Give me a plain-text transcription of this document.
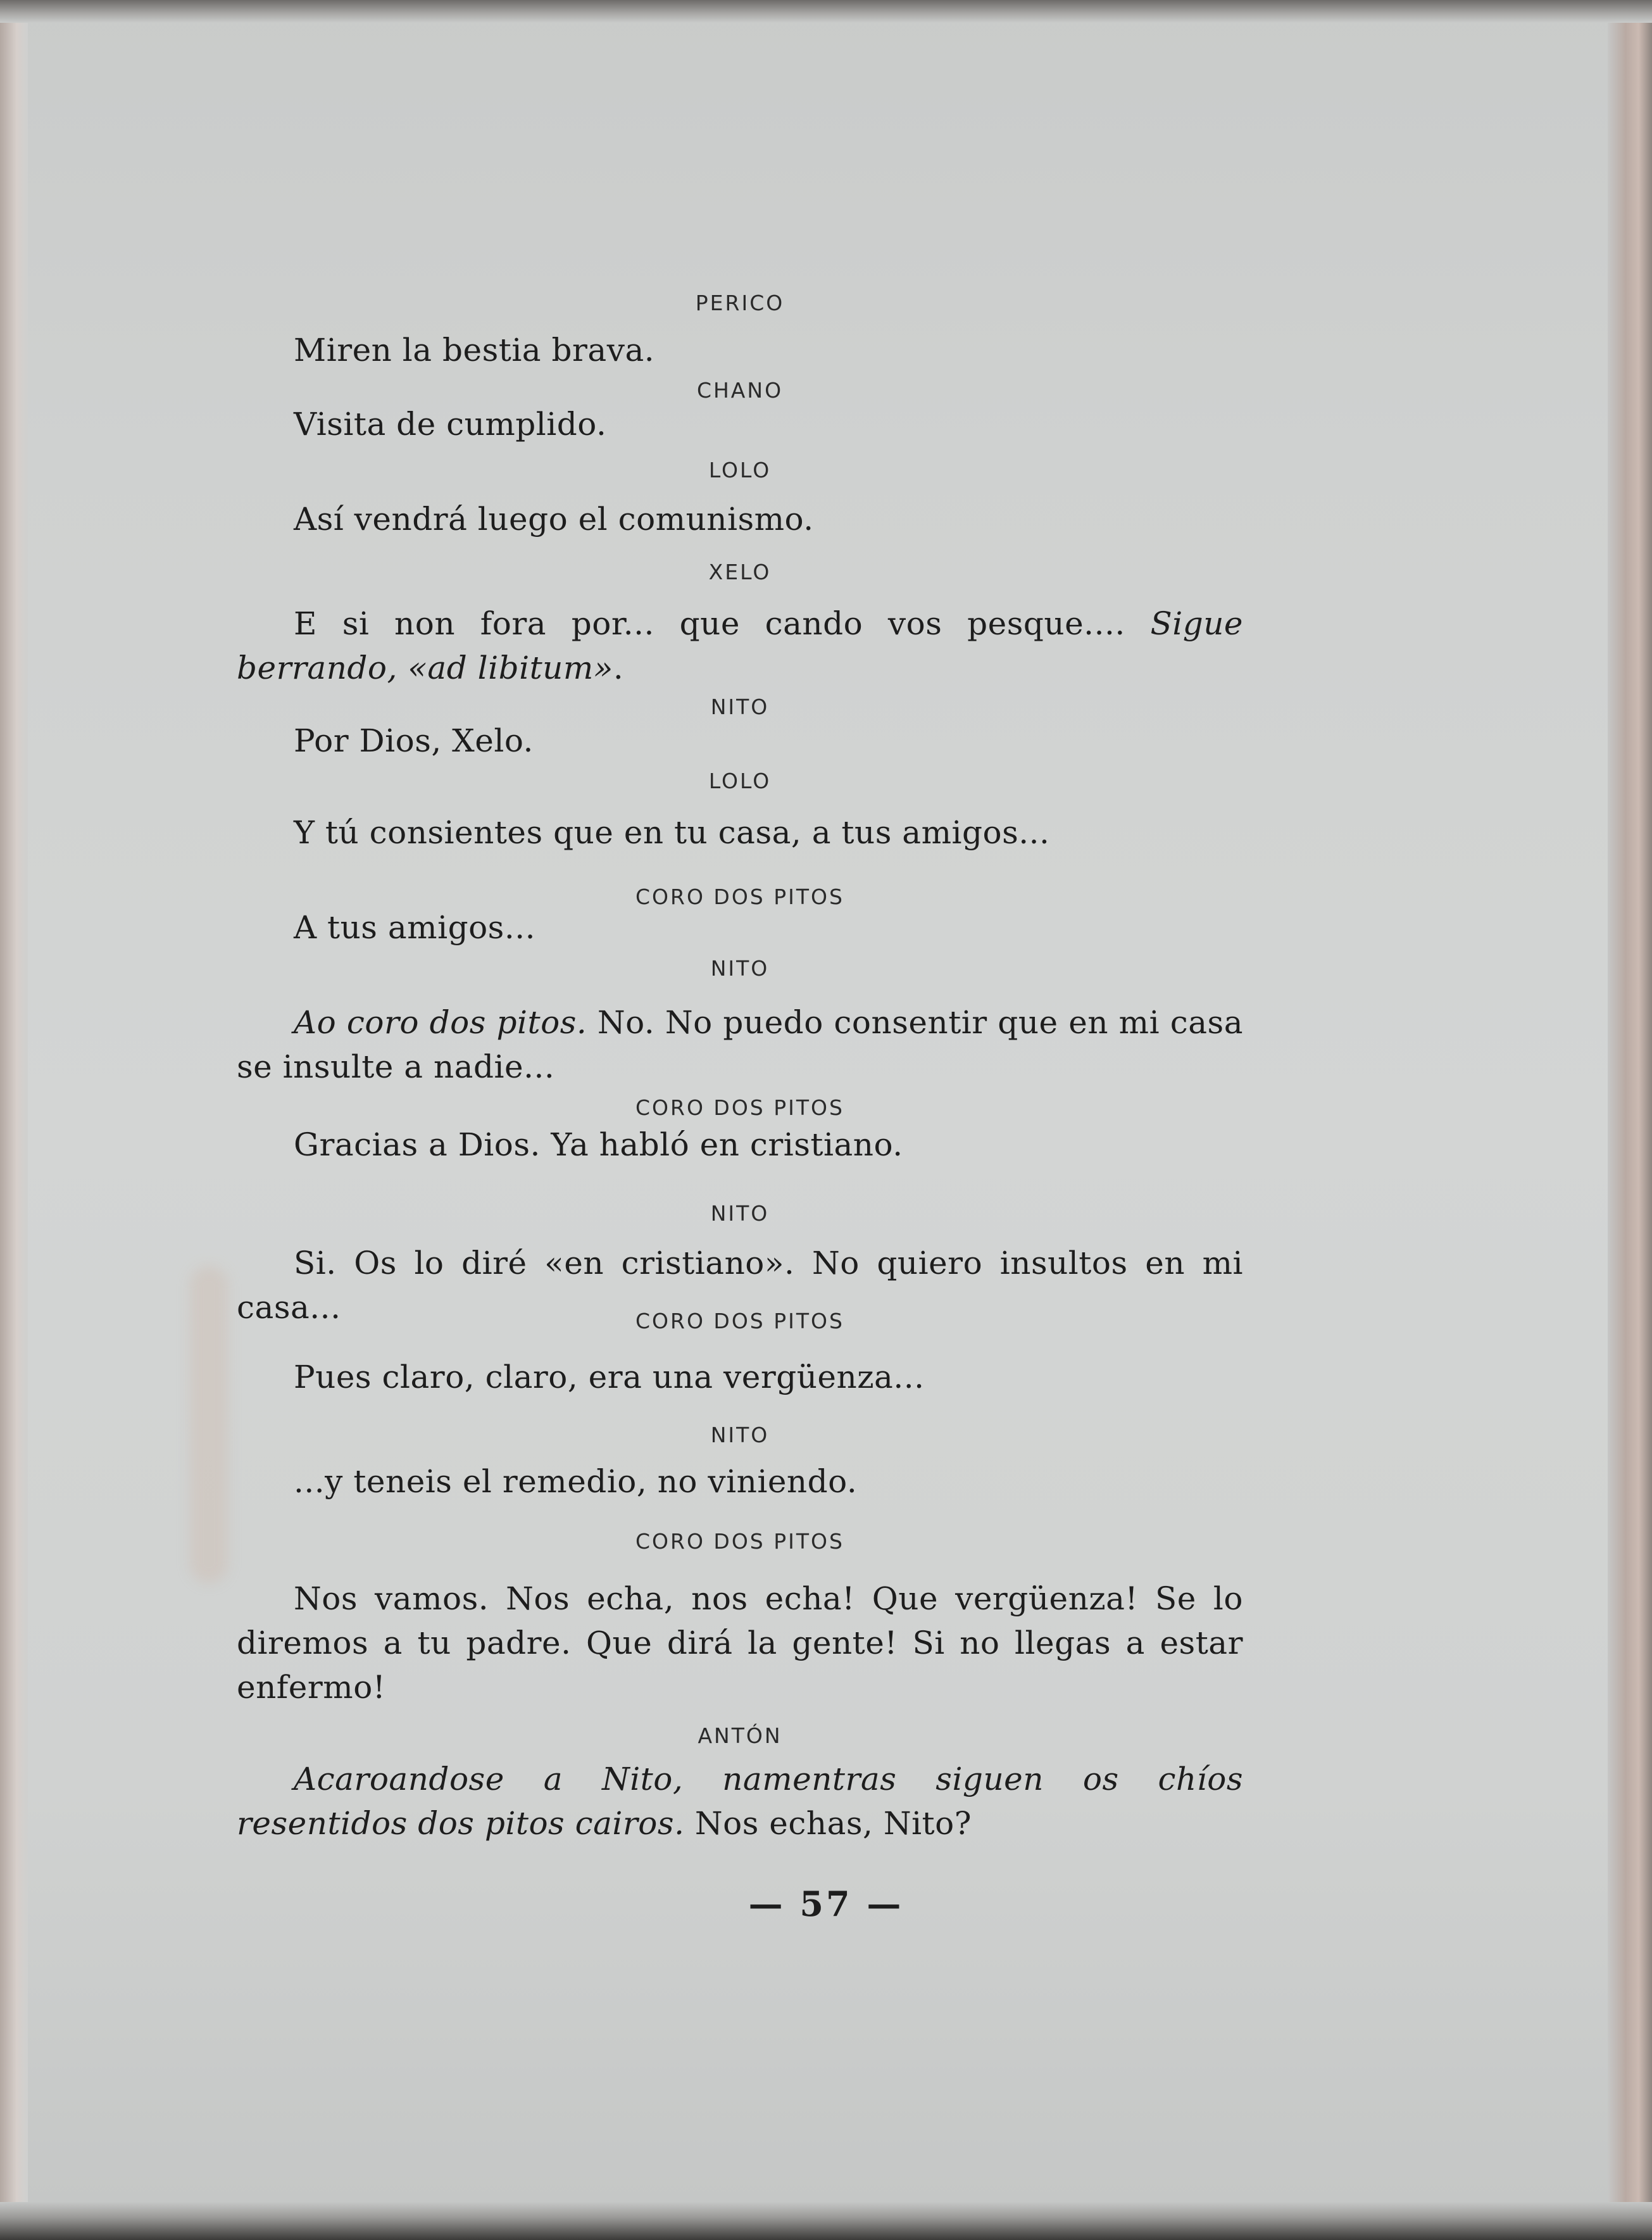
PERICO

Miren la bestia brava.

CHANO

Visita de cumplido.

LOLO

Así vendrá luego el comunismo.

XELO

E si non fora por... que cando vos pesque.... Sigue berrando, «ad libitum».

NITO

Por Dios, Xelo.

LOLO

Y tú consientes que en tu casa, a tus amigos...

CORO DOS PITOS

A tus amigos...

NITO

Ao coro dos pitos. No. No puedo consentir que en mi casa se insulte a nadie...

CORO DOS PITOS

Gracias a Dios. Ya habló en cristiano.

NITO

Si. Os lo diré «en cristiano». No quiero insultos en mi casa...	CORO DOS PITOS

Pues claro, claro, era una vergüenza...

NITO

...y teneis el remedio, no viniendo.

CORO DOS PITOS

Nos vamos. Nos echa, nos echa! Que vergüenza! Se lo diremos a tu padre. Que dirá la gente! Si no llegas a estar enfermo!

ANTÓN

Acaroandose a Nito, namentras siguen os chíos resentidos dos pitos cairos. Nos echas, Nito?

— 57 —
